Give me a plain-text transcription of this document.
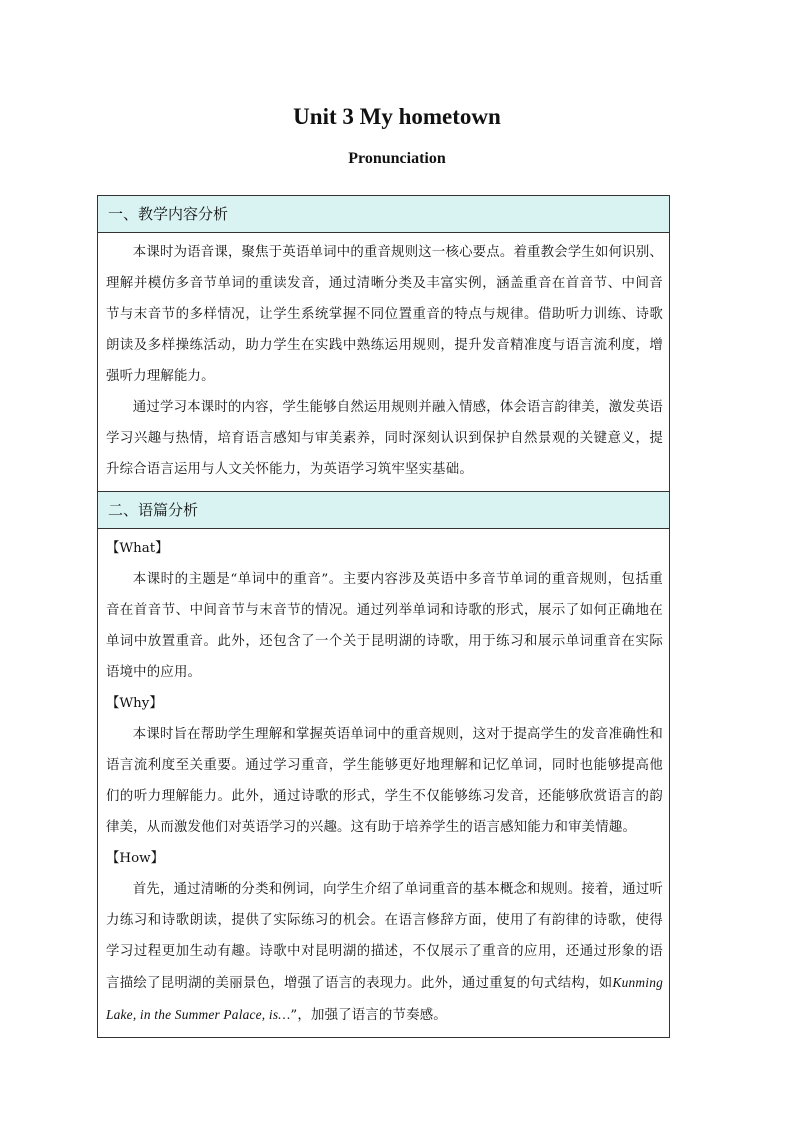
Unit 3 My hometown
Pronunciation
一、教学内容分析

本课时为语音课，聚焦于英语单词中的重音规则这一核心要点。着重教会学生如何识别、理解并模仿多音节单词的重读发音，通过清晰分类及丰富实例，涵盖重音在首音节、中间音节与末音节的多样情况，让学生系统掌握不同位置重音的特点与规律。借助听力训练、诗歌朗读及多样操练活动，助力学生在实践中熟练运用规则，提升发音精准度与语言流利度，增强听力理解能力。

通过学习本课时的内容，学生能够自然运用规则并融入情感，体会语言韵律美，激发英语学习兴趣与热情，培育语言感知与审美素养，同时深刻认识到保护自然景观的关键意义，提升综合语言运用与人文关怀能力，为英语学习筑牢坚实基础。

二、语篇分析

【What】

本课时的主题是“单词中的重音”。主要内容涉及英语中多音节单词的重音规则，包括重音在首音节、中间音节与末音节的情况。通过列举单词和诗歌的形式，展示了如何正确地在单词中放置重音。此外，还包含了一个关于昆明湖的诗歌，用于练习和展示单词重音在实际语境中的应用。

【Why】

本课时旨在帮助学生理解和掌握英语单词中的重音规则，这对于提高学生的发音准确性和语言流利度至关重要。通过学习重音，学生能够更好地理解和记忆单词，同时也能够提高他们的听力理解能力。此外，通过诗歌的形式，学生不仅能够练习发音，还能够欣赏语言的韵律美，从而激发他们对英语学习的兴趣。这有助于培养学生的语言感知能力和审美情趣。

【How】

首先，通过清晰的分类和例词，向学生介绍了单词重音的基本概念和规则。接着，通过听力练习和诗歌朗读，提供了实际练习的机会。在语言修辞方面，使用了有韵律的诗歌，使得学习过程更加生动有趣。诗歌中对昆明湖的描述，不仅展示了重音的应用，还通过形象的语言描绘了昆明湖的美丽景色，增强了语言的表现力。此外，通过重复的句式结构，如Kunming Lake, in the Summer Palace, is…”，加强了语言的节奏感。
